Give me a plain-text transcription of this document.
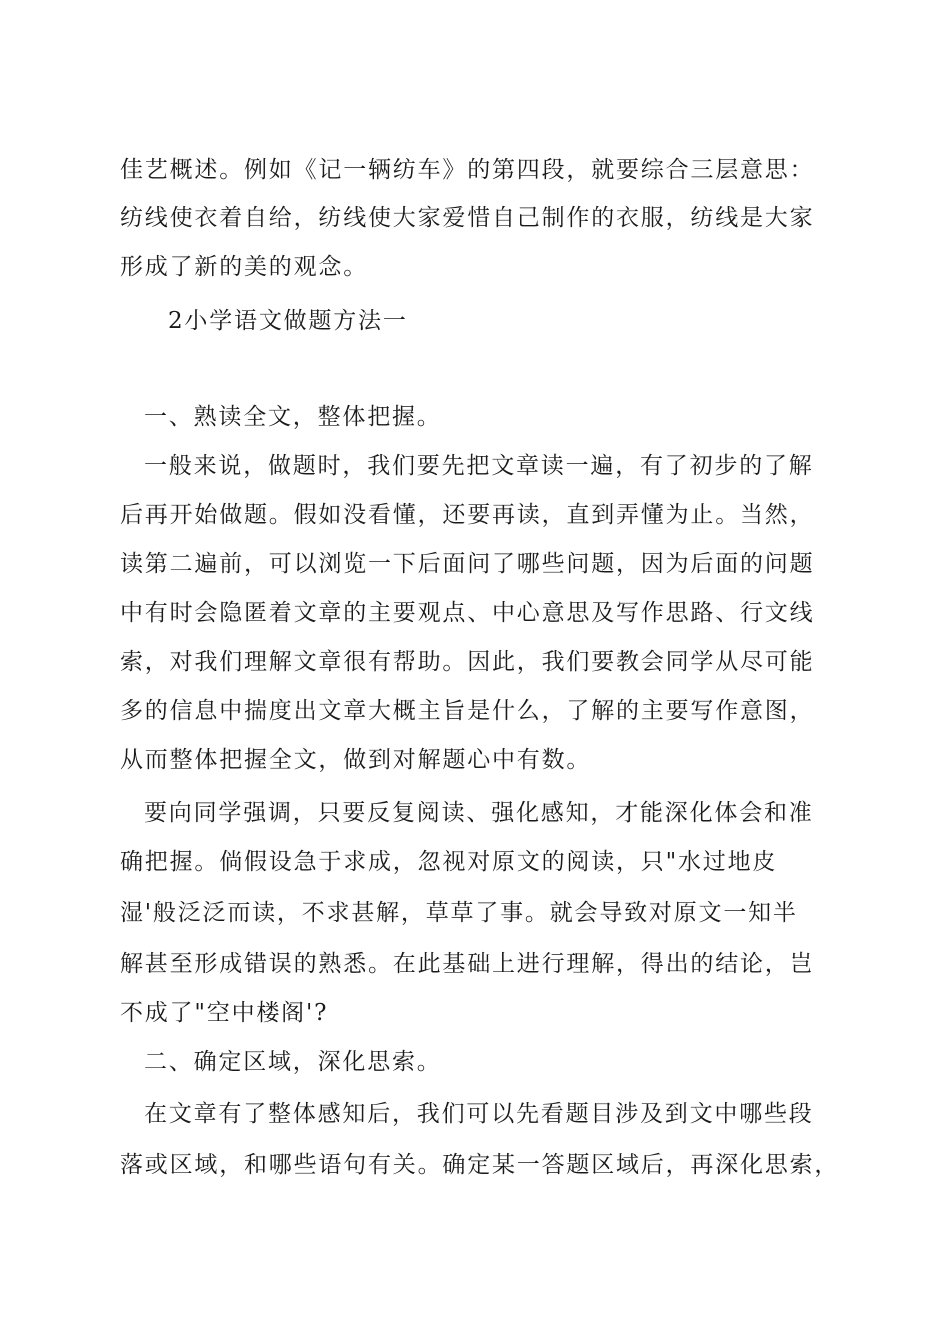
佳艺概述。例如《记一辆纺车》的第四段，就要综合三层意思：
纺线使衣着自给，纺线使大家爱惜自己制作的衣服，纺线是大家
形成了新的美的观念。
2小学语文做题方法一
一、熟读全文，整体把握。
一般来说，做题时，我们要先把文章读一遍，有了初步的了解
后再开始做题。假如没看懂，还要再读，直到弄懂为止。当然，
读第二遍前，可以浏览一下后面问了哪些问题，因为后面的问题
中有时会隐匿着文章的主要观点、中心意思及写作思路、行文线
索，对我们理解文章很有帮助。因此，我们要教会同学从尽可能
多的信息中揣度出文章大概主旨是什么，了解的主要写作意图，
从而整体把握全文，做到对解题心中有数。
要向同学强调，只要反复阅读、强化感知，才能深化体会和准
确把握。倘假设急于求成，忽视对原文的阅读，只"水过地皮
湿'般泛泛而读，不求甚解，草草了事。就会导致对原文一知半
解甚至形成错误的熟悉。在此基础上进行理解，得出的结论，岂
不成了"空中楼阁'?
二、确定区域，深化思索。
在文章有了整体感知后，我们可以先看题目涉及到文中哪些段
落或区域，和哪些语句有关。确定某一答题区域后，再深化思索，
